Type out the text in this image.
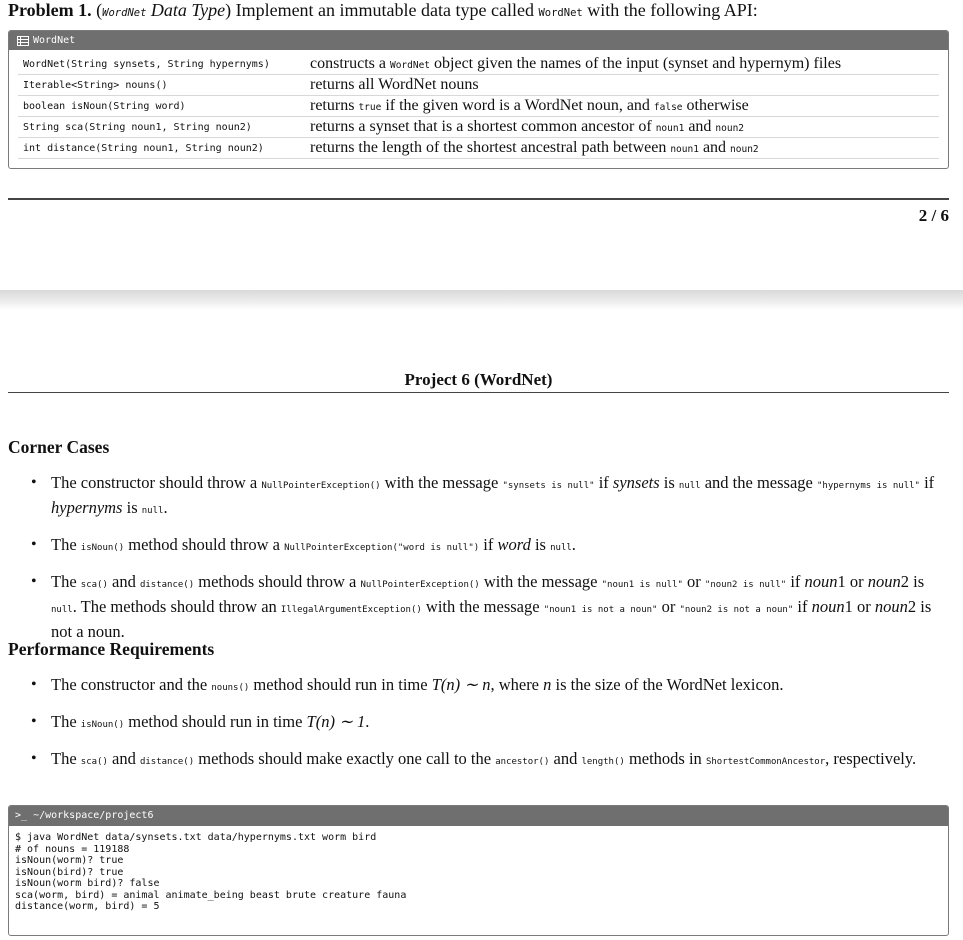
Problem 1. (WordNet Data Type) Implement an immutable data type called WordNet with the following API:
WordNet
WordNet(String synsets, String hypernyms)	constructs a WordNet object given the names of the input (synset and hypernym) files
Iterable<String> nouns()	returns all WordNet nouns
boolean isNoun(String word)	returns true if the given word is a WordNet noun, and false otherwise
String sca(String noun1, String noun2)	returns a synset that is a shortest common ancestor of noun1 and noun2
int distance(String noun1, String noun2)	returns the length of the shortest ancestral path between noun1 and noun2
2 / 6
Project 6 (WordNet)
Corner Cases
• The constructor should throw a NullPointerException() with the message "synsets is null" if synsets is null and the message "hypernyms is null" if hypernyms is null.
• The isNoun() method should throw a NullPointerException("word is null") if word is null.
• The sca() and distance() methods should throw a NullPointerException() with the message "noun1 is null" or "noun2 is null" if noun1 or noun2 is null. The methods should throw an IllegalArgumentException() with the message "noun1 is not a noun" or "noun2 is not a noun" if noun1 or noun2 is not a noun.
Performance Requirements
• The constructor and the nouns() method should run in time T(n) ∼ n, where n is the size of the WordNet lexicon.
• The isNoun() method should run in time T(n) ∼ 1.
• The sca() and distance() methods should make exactly one call to the ancestor() and length() methods in ShortestCommonAncestor, respectively.
>_ ~/workspace/project6
$ java WordNet data/synsets.txt data/hypernyms.txt worm bird
# of nouns = 119188
isNoun(worm)? true
isNoun(bird)? true
isNoun(worm bird)? false
sca(worm, bird) = animal animate_being beast brute creature fauna
distance(worm, bird) = 5
